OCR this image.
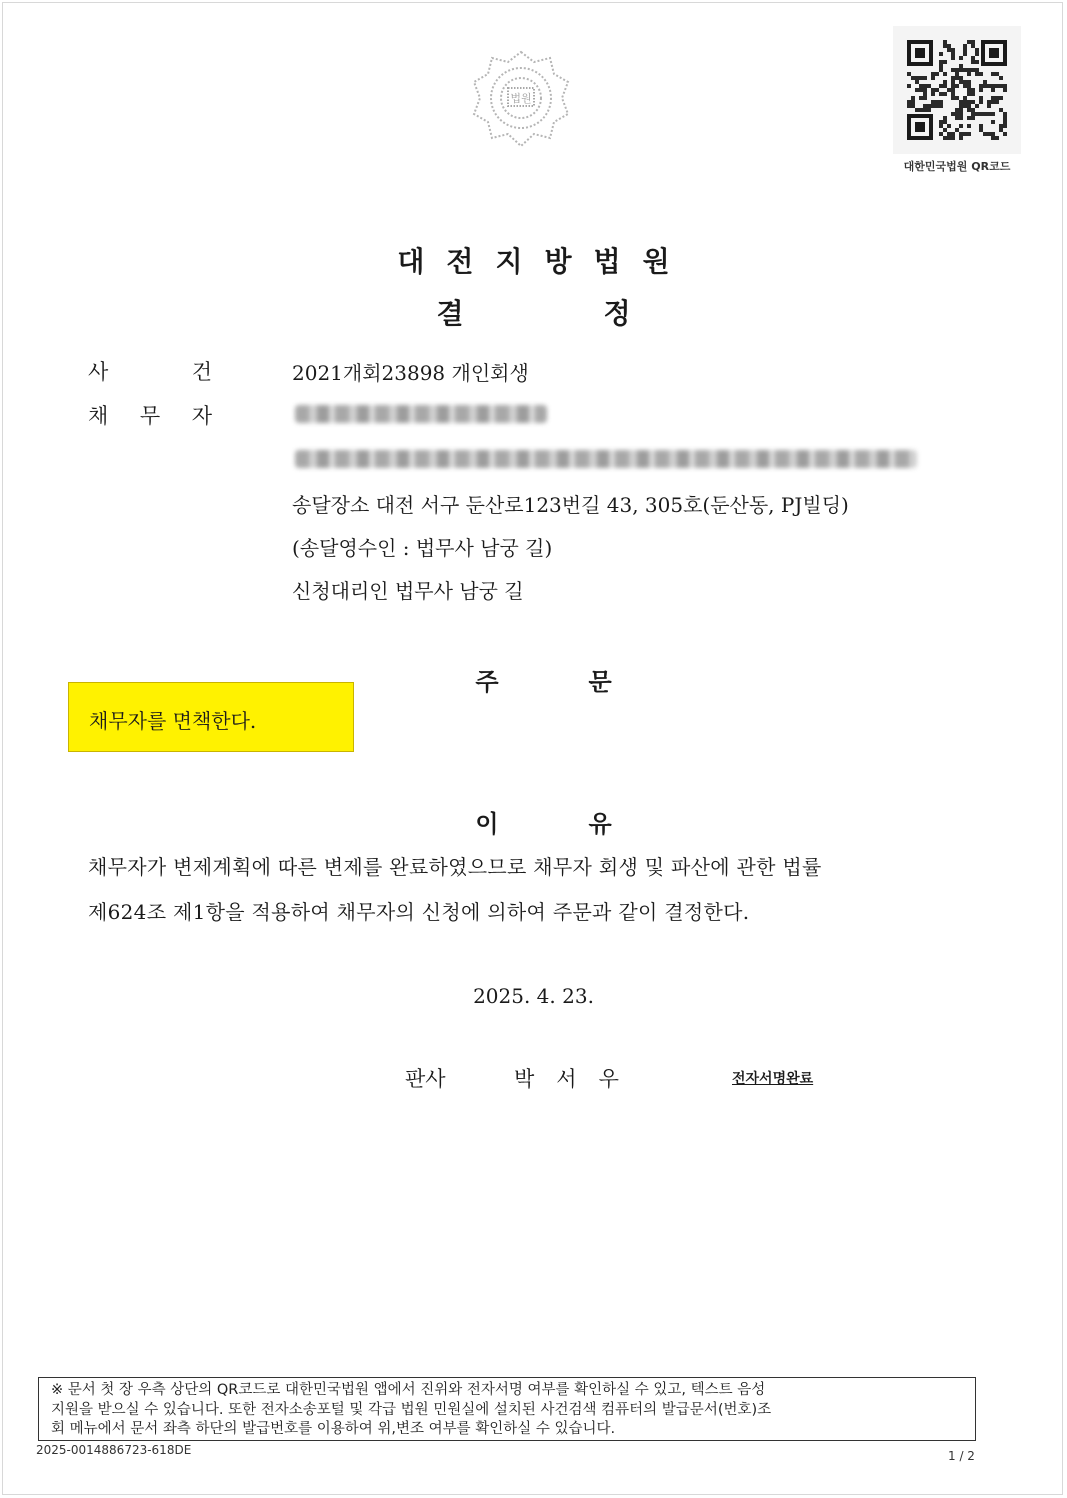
법원
대한민국법원 QR코드
대전지방법원
결정
사	건	2021개회23898 개인회생
채 무 자
송달장소 대전 서구 둔산로123번길 43, 305호(둔산동, PJ빌딩)
(송달영수인 : 법무사 남궁 길)
신청대리인 법무사 남궁 길
주문
채무자를 면책한다.
이유
채무자가 변제계획에 따른 변제를 완료하였으므로 채무자 회생 및 파산에 관한 법률
제624조 제1항을 적용하여 채무자의 신청에 의하여 주문과 같이 결정한다.
2025. 4. 23.
판사	박서우	전자서명완료
※ 문서 첫 장 우측 상단의 QR코드로 대한민국법원 앱에서 진위와 전자서명 여부를 확인하실 수 있고, 텍스트 음성
지원을 받으실 수 있습니다. 또한 전자소송포털 및 각급 법원 민원실에 설치된 사건검색 컴퓨터의 발급문서(번호)조
회 메뉴에서 문서 좌측 하단의 발급번호를 이용하여 위,변조 여부를 확인하실 수 있습니다.
2025-0014886723-618DE	1 / 2
